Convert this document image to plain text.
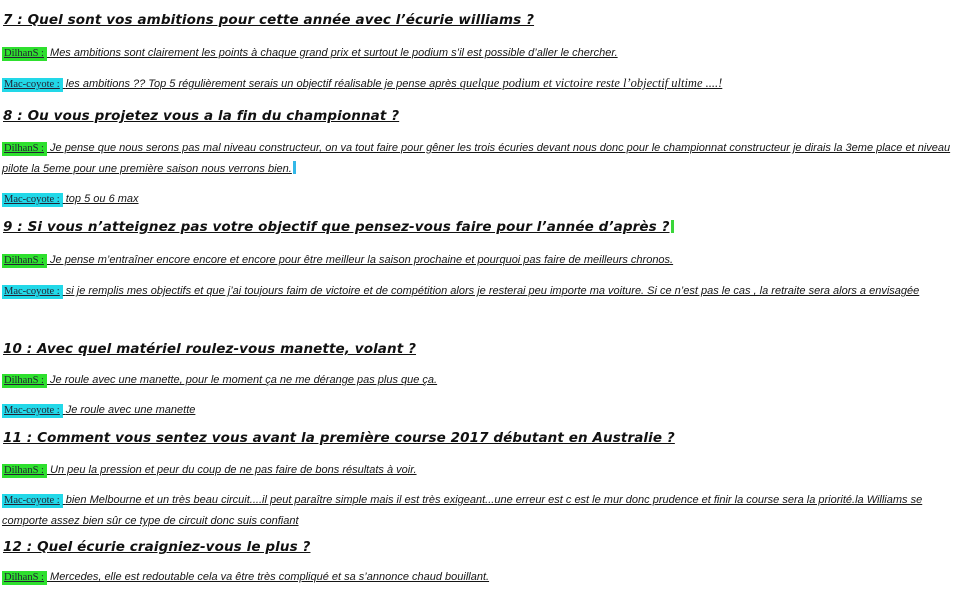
7 : Quel sont vos ambitions pour cette année avec l’écurie williams ?
DilhanS : Mes ambitions sont clairement les points à chaque grand prix et surtout le podium s’il est possible d’aller le chercher.
Mac-coyote : les ambitions ?? Top 5 régulièrement serais un objectif réalisable je pense après quelque podium et victoire reste l’objectif ultime ....!
8 : Ou vous projetez vous a la fin du championnat ?
DilhanS : Je pense que nous serons pas mal niveau constructeur, on va tout faire pour gêner les trois écuries devant nous donc pour le championnat constructeur je dirais la 3eme place et niveau pilote la 5eme pour une première saison nous verrons bien.
Mac-coyote : top 5 ou 6 max
9 : Si vous n’atteignez pas votre objectif que pensez-vous faire pour l’année d’après ?
DilhanS : Je pense m’entraîner encore encore et encore pour être meilleur la saison prochaine et pourquoi pas faire de meilleurs chronos.
Mac-coyote : si je remplis mes objectifs et que j’ai toujours faim de victoire et de compétition alors je resterai peu importe ma voiture. Si ce n’est pas le cas , la retraite sera alors a envisagée
10 : Avec quel matériel roulez-vous manette, volant ?
DilhanS : Je roule avec une manette, pour le moment ça ne me dérange pas plus que ça.
Mac-coyote : Je roule avec une manette
11 : Comment vous sentez vous avant la première course 2017 débutant en Australie ?
DilhanS : Un peu la pression et peur du coup de ne pas faire de bons résultats à voir.
Mac-coyote : bien Melbourne et un très beau circuit....il peut paraître simple mais il est très exigeant...une erreur est c est le mur donc prudence et finir la course sera la priorité.la Williams se comporte assez bien sûr ce type de circuit donc suis confiant
12 : Quel écurie craigniez-vous le plus ?
DilhanS : Mercedes, elle est redoutable cela va être très compliqué et sa s’annonce chaud bouillant.
